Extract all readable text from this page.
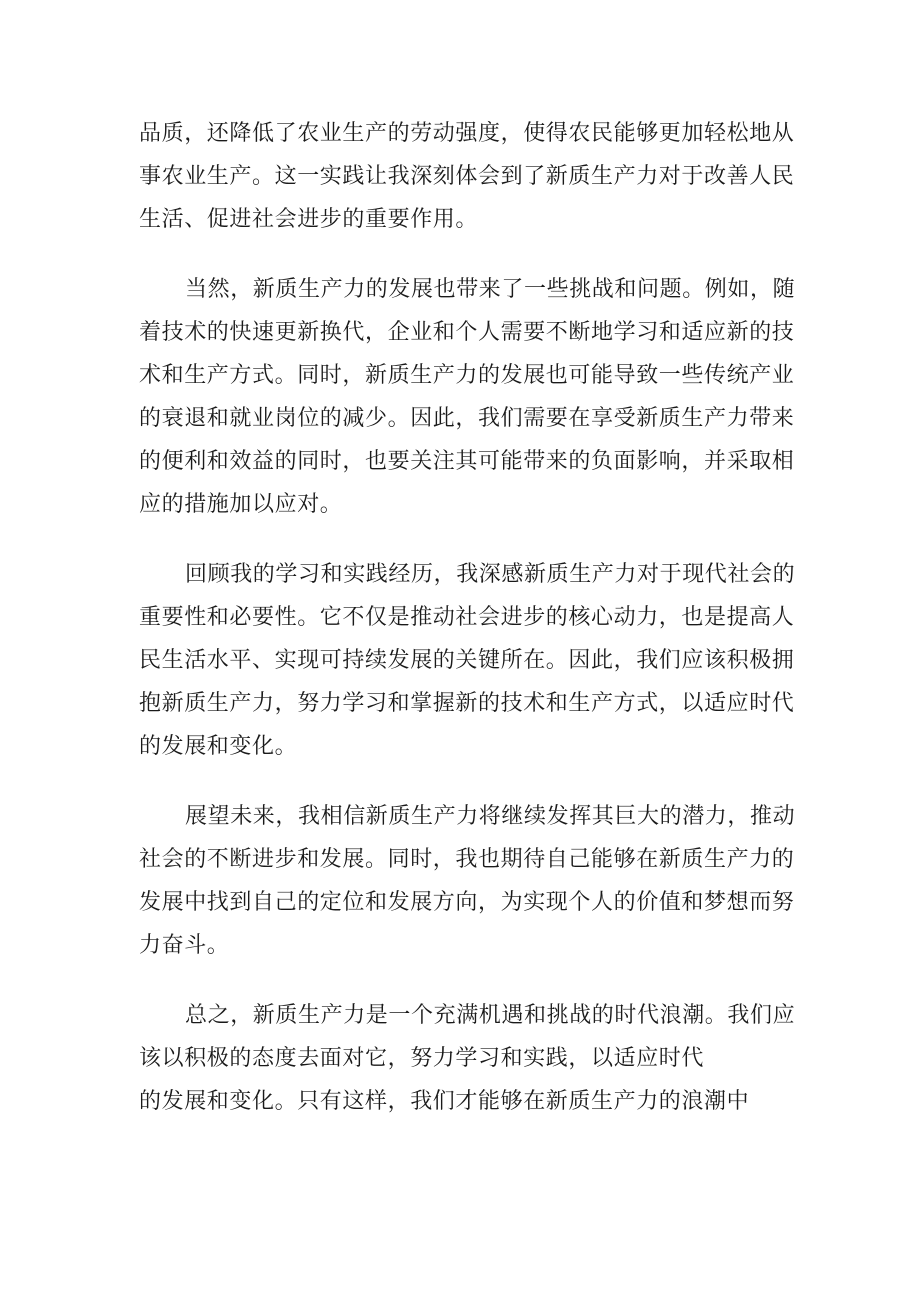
品质，还降低了农业生产的劳动强度，使得农民能够更加轻松地从
事农业生产。这一实践让我深刻体会到了新质生产力对于改善人民
生活、促进社会进步的重要作用。
当然，新质生产力的发展也带来了一些挑战和问题。例如，随
着技术的快速更新换代，企业和个人需要不断地学习和适应新的技
术和生产方式。同时，新质生产力的发展也可能导致一些传统产业
的衰退和就业岗位的减少。因此，我们需要在享受新质生产力带来
的便利和效益的同时，也要关注其可能带来的负面影响，并采取相
应的措施加以应对。
回顾我的学习和实践经历，我深感新质生产力对于现代社会的
重要性和必要性。它不仅是推动社会进步的核心动力，也是提高人
民生活水平、实现可持续发展的关键所在。因此，我们应该积极拥
抱新质生产力，努力学习和掌握新的技术和生产方式，以适应时代
的发展和变化。
展望未来，我相信新质生产力将继续发挥其巨大的潜力，推动
社会的不断进步和发展。同时，我也期待自己能够在新质生产力的
发展中找到自己的定位和发展方向，为实现个人的价值和梦想而努
力奋斗。
总之，新质生产力是一个充满机遇和挑战的时代浪潮。我们应
该以积极的态度去面对它，努力学习和实践，以适应时代
的发展和变化。只有这样，我们才能够在新质生产力的浪潮中
